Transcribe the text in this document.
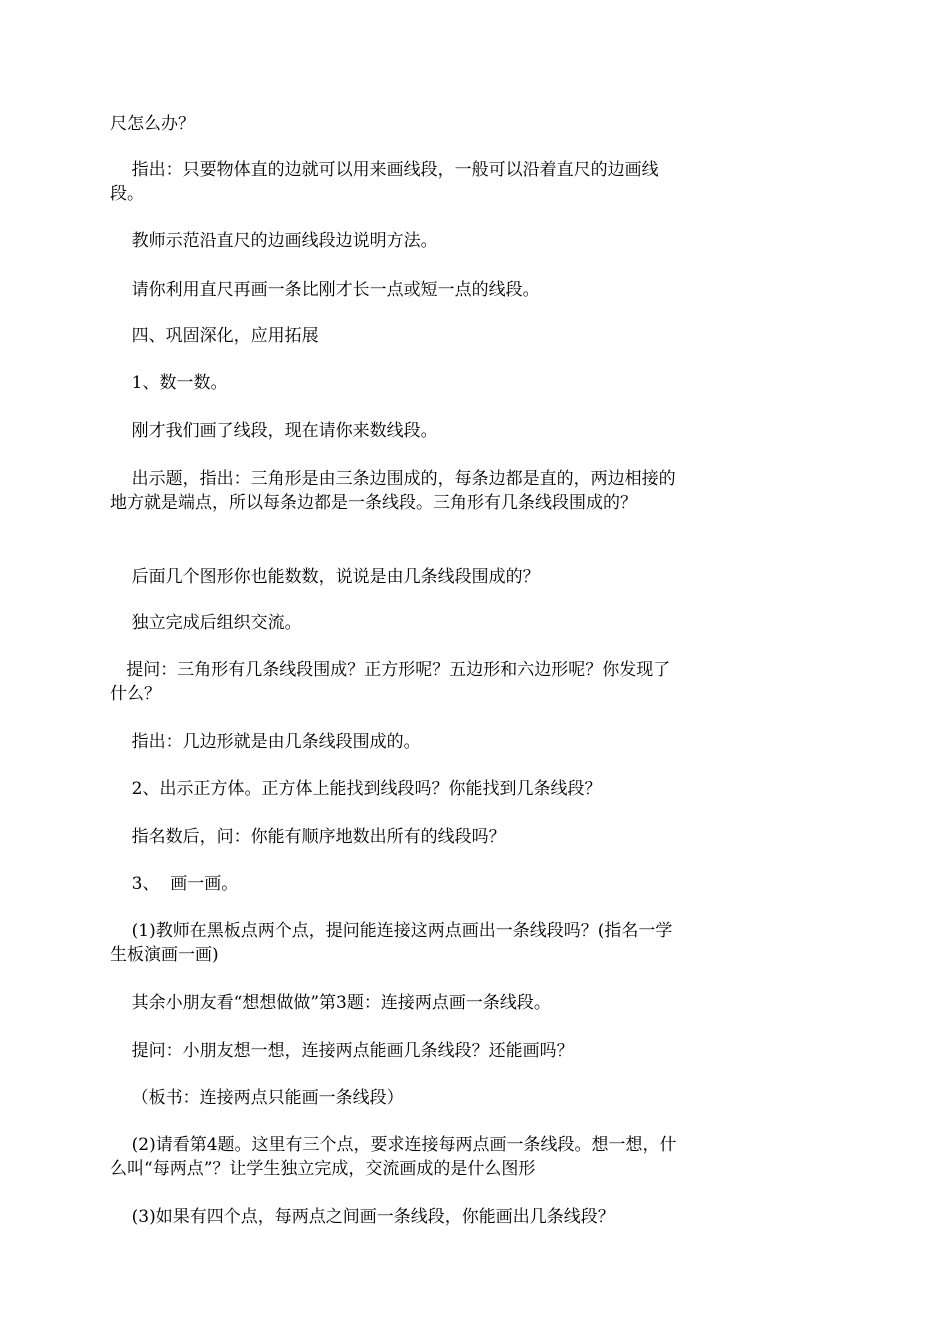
尺怎么办？

指出：只要物体直的边就可以用来画线段，一般可以沿着直尺的边画线段。

教师示范沿直尺的边画线段边说明方法。

请你利用直尺再画一条比刚才长一点或短一点的线段。

四、巩固深化，应用拓展

1、数一数。

刚才我们画了线段，现在请你来数线段。

出示题，指出：三角形是由三条边围成的，每条边都是直的，两边相接的地方就是端点，所以每条边都是一条线段。三角形有几条线段围成的？

后面几个图形你也能数数，说说是由几条线段围成的？

独立完成后组织交流。

提问：三角形有几条线段围成？正方形呢？五边形和六边形呢？你发现了什么？

指出：几边形就是由几条线段围成的。

2、出示正方体。正方体上能找到线段吗？你能找到几条线段？

指名数后，问：你能有顺序地数出所有的线段吗？

3、  画一画。

(1)教师在黑板点两个点，提问能连接这两点画出一条线段吗？(指名一学生板演画一画)

其余小朋友看“想想做做”第3题：连接两点画一条线段。

提问：小朋友想一想，连接两点能画几条线段？还能画吗？

（板书：连接两点只能画一条线段）

(2)请看第4题。这里有三个点，要求连接每两点画一条线段。想一想，什么叫“每两点”？让学生独立完成，交流画成的是什么图形

(3)如果有四个点，每两点之间画一条线段，你能画出几条线段？
